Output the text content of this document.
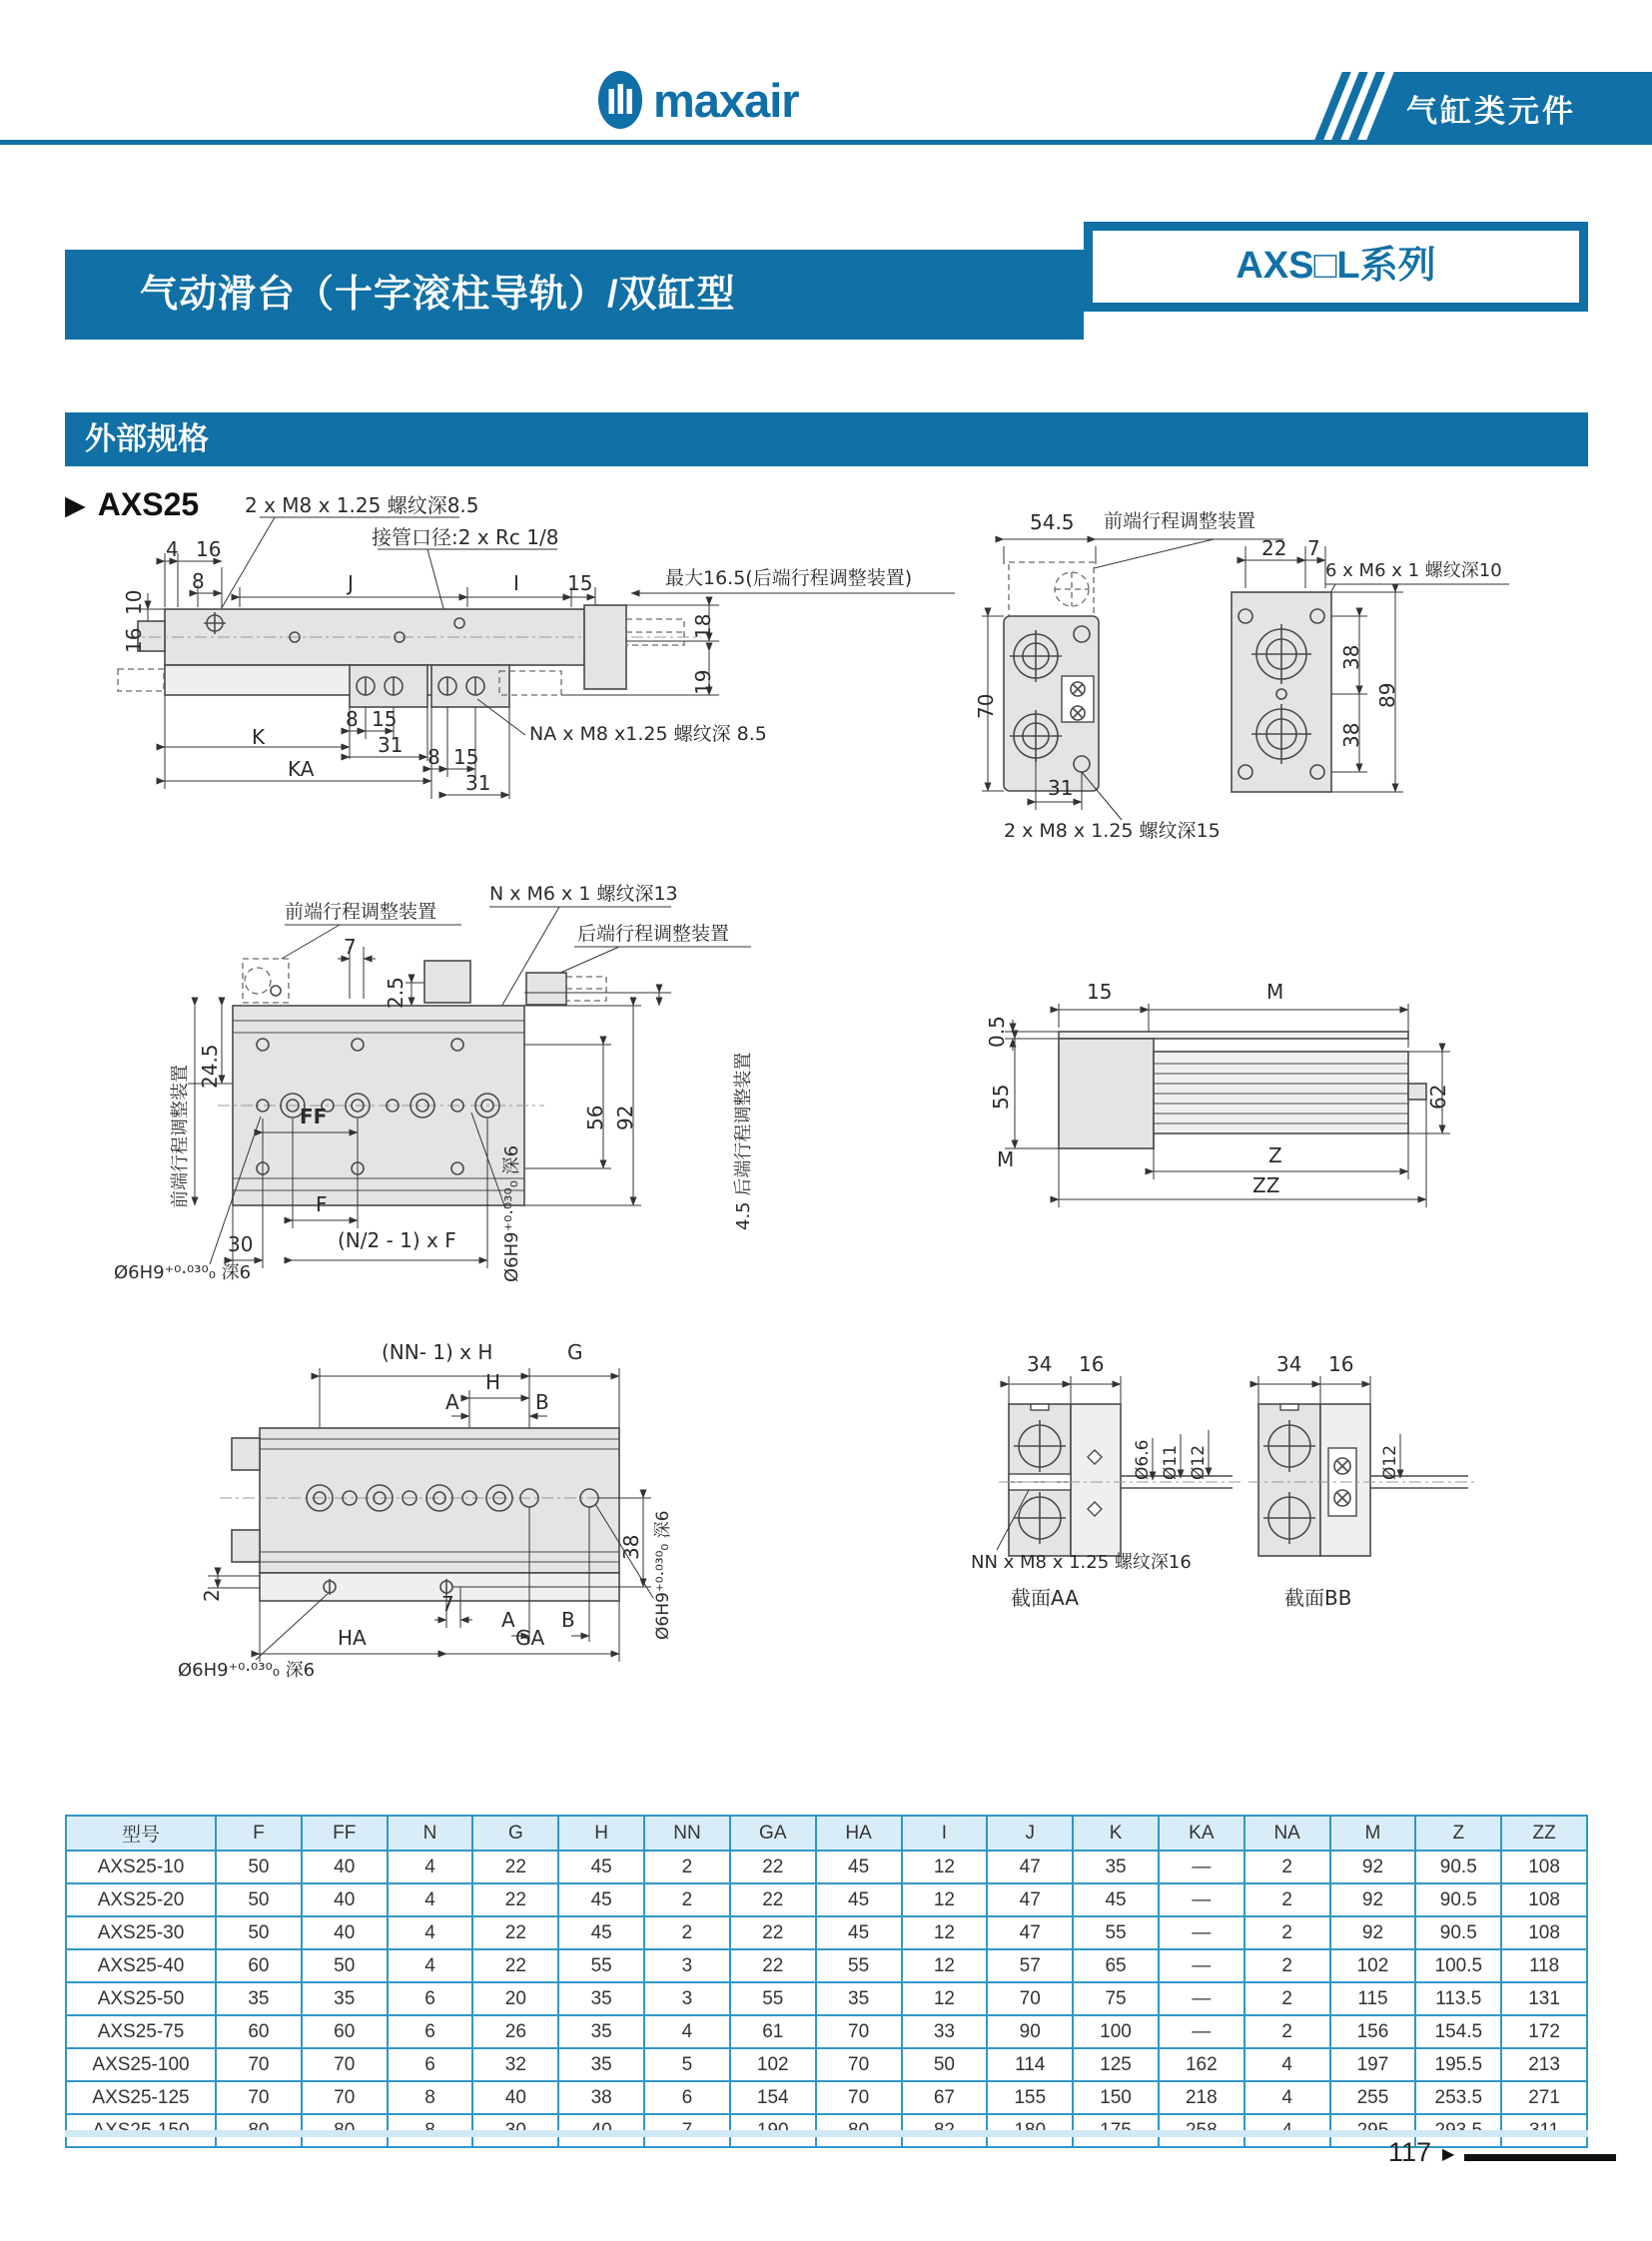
maxair	气缸类元件
气动滑台（十字滚柱导轨）/双缸型
AXS□L系列
外部规格
▶ AXS25 2 x M8 x 1.25 螺纹深8.5
接管口径:2 x Rc 1/8
最大16.5(后端行程调整装置)
4 16
8	J	I 15
10
16
18
19
8 15
31
K
KA	8 15
31
NA x M8 x1.25 螺纹深 8.5
54.5 前端行程调整装置
70
31
2 x M8 x 1.25 螺纹深15
22 7
6 x M6 x 1 螺纹深10
38
38
89
前端行程调整装置
N x M6 x 1 螺纹深13
后端行程调整装置
7
2.5
FF
24.5
前端行程调整装置	56 92	4.5 后端行程调整装置
F
(N/2 - 1) x F
30
Ø6H9⁺⁰·⁰³⁰₀ 深6	Ø6H9⁺⁰·⁰³⁰₀ 深6
0.5
15	M
55
M
62
Z
ZZ
(NN- 1) x H	G
H
A	B
2
38 Ø6H9⁺⁰·⁰³⁰₀ 深6
7
A B
HA	GA
Ø6H9⁺⁰·⁰³⁰₀ 深6
34 16	34 16
Ø6.6 Ø11 Ø12	Ø12
NN x M8 x 1.25 螺纹深16
截面AA	截面BB
型号	F	FF	N	G	H	NN	GA	HA	I	J	K	KA	NA	M	Z	ZZ
AXS25-10	50	40	4	22	45	2	22	45	12	47	35	—	2	92	90.5	108
AXS25-20	50	40	4	22	45	2	22	45	12	47	45	—	2	92	90.5	108
AXS25-30	50	40	4	22	45	2	22	45	12	47	55	—	2	92	90.5	108
AXS25-40	60	50	4	22	55	3	22	55	12	57	65	—	2	102	100.5	118
AXS25-50	35	35	6	20	35	3	55	35	12	70	75	—	2	115	113.5	131
AXS25-75	60	60	6	26	35	4	61	70	33	90	100	—	2	156	154.5	172
AXS25-100	70	70	6	32	35	5	102	70	50	114	125	162	4	197	195.5	213
AXS25-125	70	70	8	40	38	6	154	70	67	155	150	218	4	255	253.5	271

117 ▶
